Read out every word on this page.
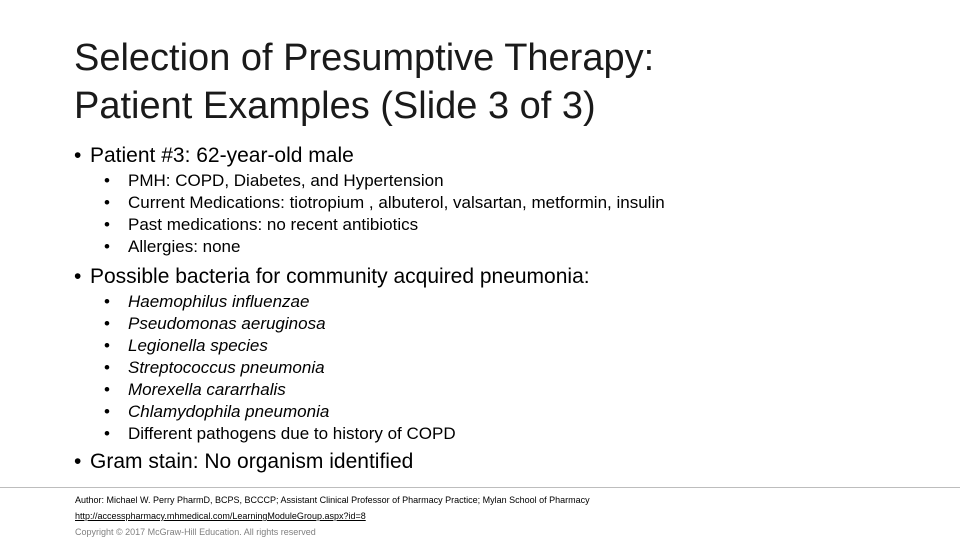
Selection of Presumptive Therapy:
Patient Examples (Slide 3 of 3)
• Patient #3: 62-year-old male
• PMH: COPD, Diabetes, and Hypertension
• Current Medications: tiotropium , albuterol, valsartan, metformin, insulin
• Past medications: no recent antibiotics
• Allergies: none
• Possible bacteria for community acquired pneumonia:
• Haemophilus influenzae
• Pseudomonas aeruginosa
• Legionella species
• Streptococcus pneumonia
• Morexella cararrhalis
• Chlamydophila pneumonia
• Different pathogens due to history of COPD
• Gram stain: No organism identified
Author: Michael W. Perry PharmD, BCPS, BCCCP; Assistant Clinical Professor of Pharmacy Practice; Mylan School of Pharmacy
http://accesspharmacy.mhmedical.com/LearningModuleGroup.aspx?id=8
Copyright © 2017 McGraw-Hill Education. All rights reserved
